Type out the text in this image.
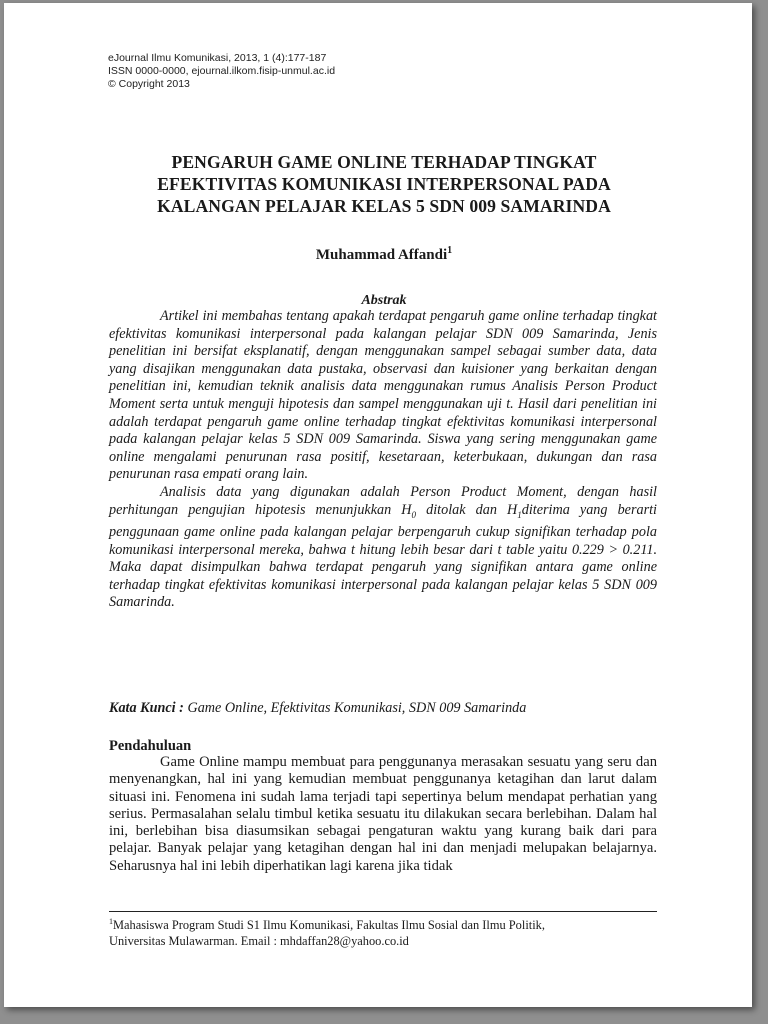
eJournal Ilmu Komunikasi, 2013, 1 (4):177-187
ISSN 0000-0000, ejournal.ilkom.fisip-unmul.ac.id
© Copyright 2013
PENGARUH GAME ONLINE TERHADAP TINGKAT
EFEKTIVITAS KOMUNIKASI INTERPERSONAL PADA
KALANGAN PELAJAR KELAS 5 SDN 009 SAMARINDA
Muhammad Affandi$^1$
Abstrak

Artikel ini membahas tentang apakah terdapat pengaruh game online terhadap tingkat efektivitas komunikasi interpersonal pada kalangan pelajar SDN 009 Samarinda, Jenis penelitian ini bersifat eksplanatif, dengan menggunakan sampel sebagai sumber data, data yang disajikan menggunakan data pustaka, observasi dan kuisioner yang berkaitan dengan penelitian ini, kemudian teknik analisis data menggunakan rumus Analisis Person Product Moment serta untuk menguji hipotesis dan sampel menggunakan uji t. Hasil dari penelitian ini adalah terdapat pengaruh game online terhadap tingkat efektivitas komunikasi interpersonal pada kalangan pelajar kelas 5 SDN 009 Samarinda. Siswa yang sering menggunakan game online mengalami penurunan rasa positif, kesetaraan, keterbukaan, dukungan dan rasa penurunan rasa empati orang lain.

Analisis data yang digunakan adalah Person Product Moment, dengan hasil perhitungan pengujian hipotesis menunjukkan $H_0$ ditolak dan $H_1diterima$ yang berarti penggunaan game online pada kalangan pelajar berpengaruh cukup signifikan terhadap pola komunikasi interpersonal mereka, bahwa t hitung lebih besar dari t table yaitu 0.229 > 0.211. Maka dapat disimpulkan bahwa terdapat pengaruh yang signifikan antara game online terhadap tingkat efektivitas komunikasi interpersonal pada kalangan pelajar kelas 5 SDN 009 Samarinda.

Kata Kunci : Game Online, Efektivitas Komunikasi, SDN 009 Samarinda
Pendahuluan

Game Online mampu membuat para penggunanya merasakan sesuatu yang seru dan menyenangkan, hal ini yang kemudian membuat penggunanya ketagihan dan larut dalam situasi ini. Fenomena ini sudah lama terjadi tapi sepertinya belum mendapat perhatian yang serius. Permasalahan selalu timbul ketika sesuatu itu dilakukan secara berlebihan. Dalam hal ini, berlebihan bisa diasumsikan sebagai pengaturan waktu yang kurang baik dari para pelajar. Banyak pelajar yang ketagihan dengan hal ini dan menjadi melupakan belajarnya. Seharusnya hal ini lebih diperhatikan lagi karena jika tidak

$^1$Mahasiswa Program Studi S1 Ilmu Komunikasi, Fakultas Ilmu Sosial dan Ilmu Politik,
Universitas Mulawarman. Email : mhdaffan28@yahoo.co.id
